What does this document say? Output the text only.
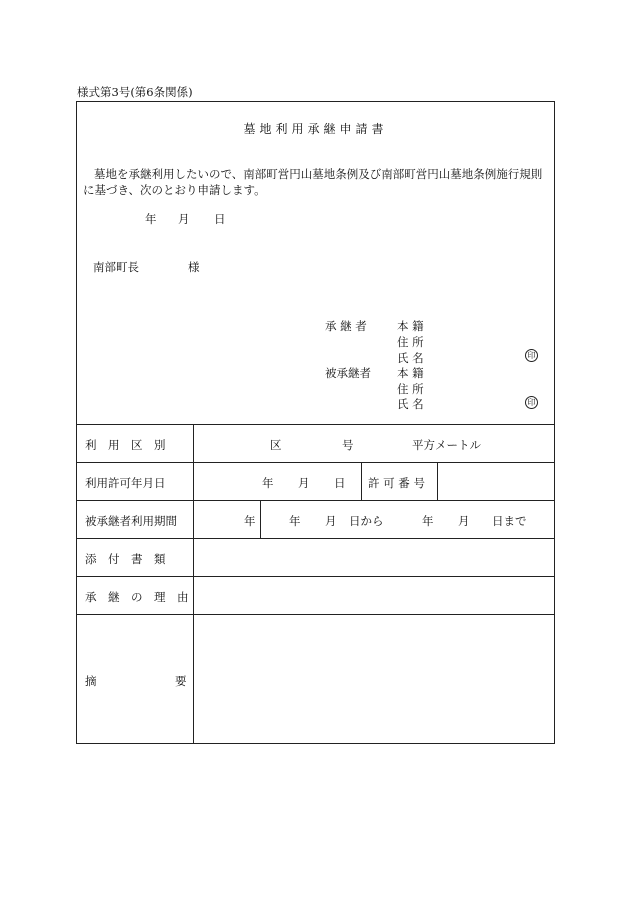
様式第3号(第6条関係)
墓地利用承継申請書
墓地を承継利用したいので、南部町営円山墓地条例及び南部町営円山墓地条例施行規則
に基づき、次のとおり申請します。
年 月 日
南部町長	様
承 継 者	本 籍
住 所
氏 名	印
被承継者 本 籍
住 所
氏 名	印
利　用　区　別	区	号	平方メートル
利用許可年月日	年 月 日 許 可 番 号
被承継者利用期間	年	年 月 日から	年 月 日まで
添　付　書　類
承　継　の　理　由
摘	要
